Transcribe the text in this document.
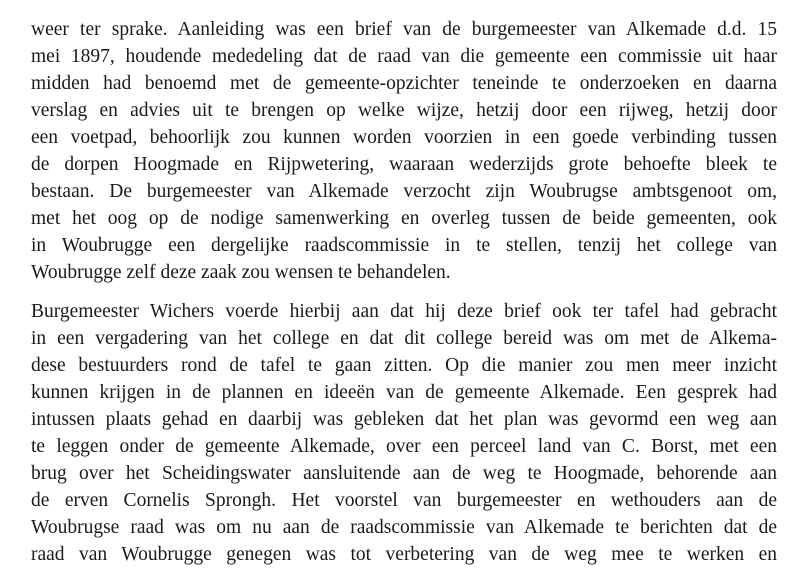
weer ter sprake. Aanleiding was een brief van de burgemeester van Alkemade d.d. 15
mei 1897, houdende mededeling dat de raad van die gemeente een commissie uit haar
midden had benoemd met de gemeente-opzichter teneinde te onderzoeken en daarna
verslag en advies uit te brengen op welke wijze, hetzij door een rijweg, hetzij door
een voetpad, behoorlijk zou kunnen worden voorzien in een goede verbinding tussen
de dorpen Hoogmade en Rijpwetering, waaraan wederzijds grote behoefte bleek te
bestaan. De burgemeester van Alkemade verzocht zijn Woubrugse ambtsgenoot om,
met het oog op de nodige samenwerking en overleg tussen de beide gemeenten, ook
in Woubrugge een dergelijke raadscommissie in te stellen, tenzij het college van
Woubrugge zelf deze zaak zou wensen te behandelen.
Burgemeester Wichers voerde hierbij aan dat hij deze brief ook ter tafel had gebracht
in een vergadering van het college en dat dit college bereid was om met de Alkema-
dese bestuurders rond de tafel te gaan zitten. Op die manier zou men meer inzicht
kunnen krijgen in de plannen en ideeën van de gemeente Alkemade. Een gesprek had
intussen plaats gehad en daarbij was gebleken dat het plan was gevormd een weg aan
te leggen onder de gemeente Alkemade, over een perceel land van C. Borst, met een
brug over het Scheidingswater aansluitende aan de weg te Hoogmade, behorende aan
de erven Cornelis Sprongh. Het voorstel van burgemeester en wethouders aan de
Woubrugse raad was om nu aan de raadscommissie van Alkemade te berichten dat de
raad van Woubrugge genegen was tot verbetering van de weg mee te werken en
